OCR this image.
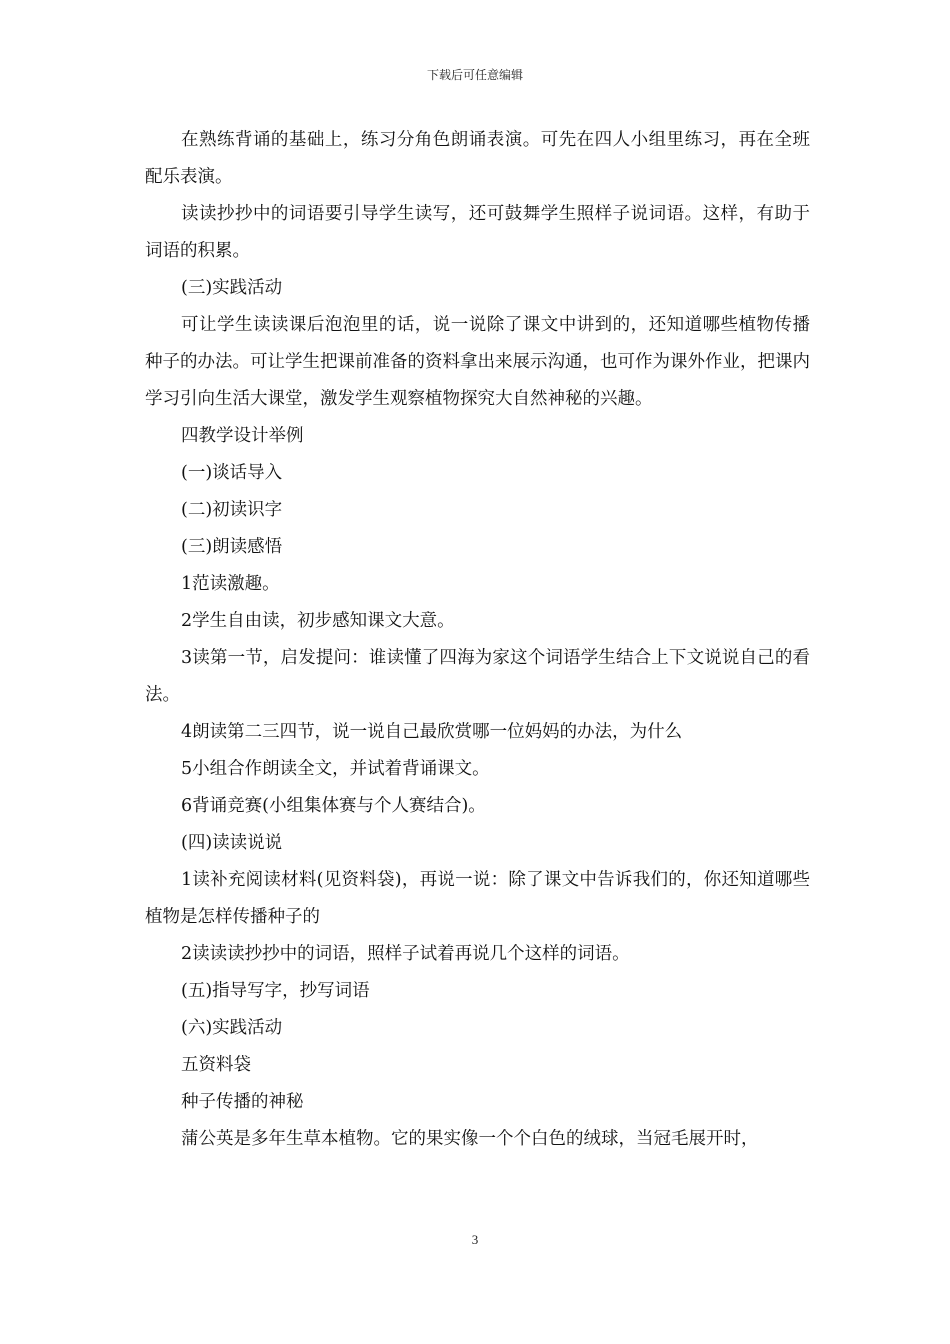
下载后可任意编辑

在熟练背诵的基础上，练习分角色朗诵表演。可先在四人小组里练习，再在全班配乐表演。

读读抄抄中的词语要引导学生读写，还可鼓舞学生照样子说词语。这样，有助于词语的积累。

(三)实践活动

可让学生读读课后泡泡里的话，说一说除了课文中讲到的，还知道哪些植物传播种子的办法。可让学生把课前准备的资料拿出来展示沟通，也可作为课外作业，把课内学习引向生活大课堂，激发学生观察植物探究大自然神秘的兴趣。

四教学设计举例

(一)谈话导入

(二)初读识字

(三)朗读感悟

1范读激趣。

2学生自由读，初步感知课文大意。

3读第一节，启发提问：谁读懂了四海为家这个词语学生结合上下文说说自己的看法。

4朗读第二三四节，说一说自己最欣赏哪一位妈妈的办法，为什么

5小组合作朗读全文，并试着背诵课文。

6背诵竞赛(小组集体赛与个人赛结合)。

(四)读读说说

1读补充阅读材料(见资料袋)，再说一说：除了课文中告诉我们的，你还知道哪些植物是怎样传播种子的

2读读读抄抄中的词语，照样子试着再说几个这样的词语。

(五)指导写字，抄写词语

(六)实践活动

五资料袋

种子传播的神秘

蒲公英是多年生草本植物。它的果实像一个个白色的绒球，当冠毛展开时，

3
